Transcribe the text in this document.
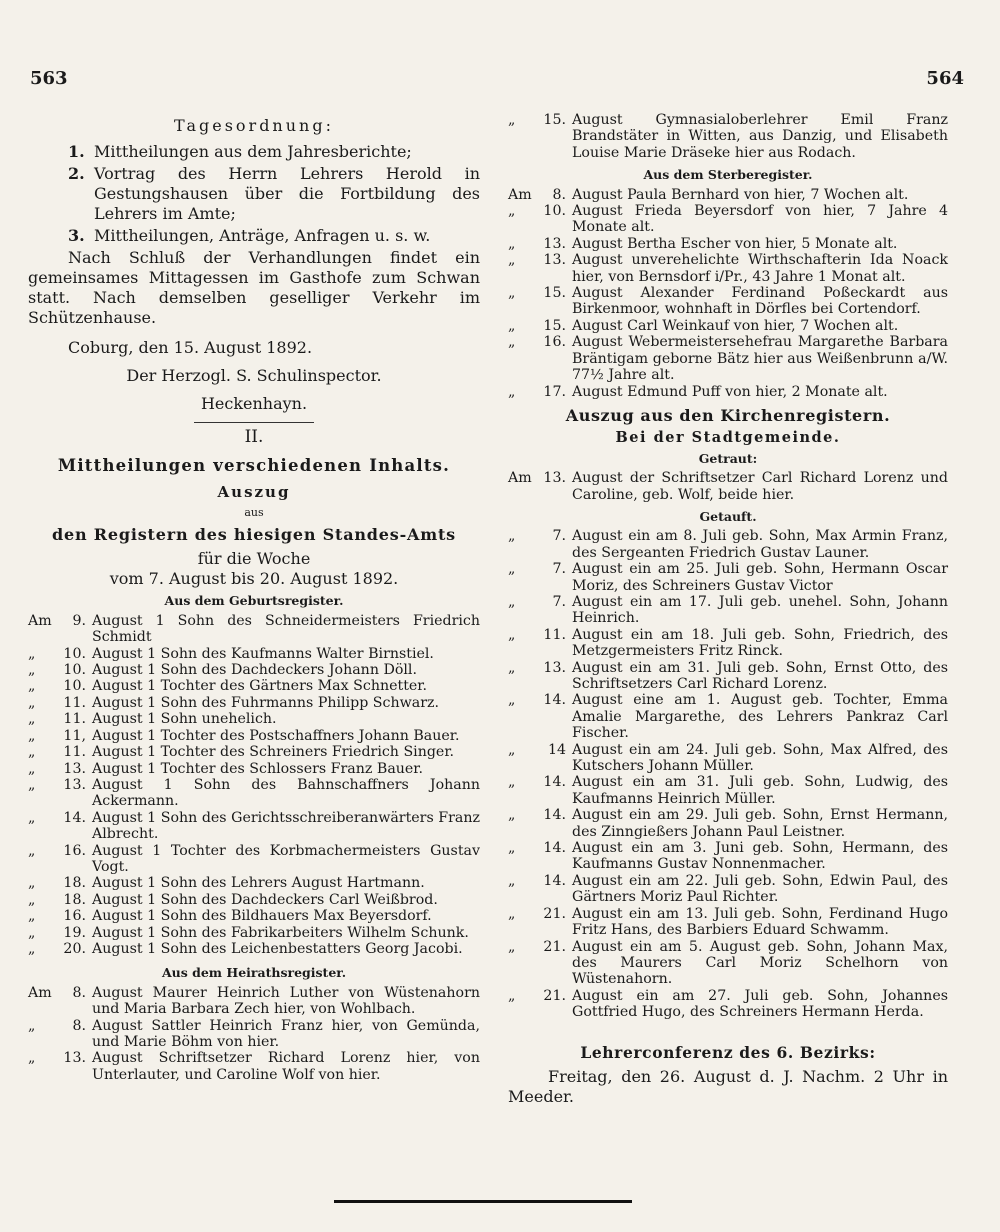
563	564
Tagesordnung:
1. Mittheilungen aus dem Jahresberichte;
2. Vortrag des Herrn Lehrers Herold in Gestungshausen über die Fortbildung des Lehrers im Amte;
3. Mittheilungen, Anträge, Anfragen u. s. w.

Nach Schluß der Verhandlungen findet ein gemeinsames Mittagessen im Gasthofe zum Schwan statt. Nach demselben geselliger Verkehr im Schützenhause.

Coburg, den 15. August 1892.
Der Herzogl. S. Schulinspector.
Heckenhayn.
II.
Mittheilungen verschiedenen Inhalts.
Auszug
aus
den Registern des hiesigen Standes-Amts
für die Woche
vom 7. August bis 20. August 1892.
Aus dem Geburtsregister.
Am	9. August 1 Sohn des Schneidermeisters Friedrich Schmidt
„	10. August 1 Sohn des Kaufmanns Walter Birnstiel.
„	10. August 1 Sohn des Dachdeckers Johann Döll.
„	10. August 1 Tochter des Gärtners Max Schnetter.
„	11. August 1 Sohn des Fuhrmanns Philipp Schwarz.
„	11. August 1 Sohn unehelich.
„	11, August 1 Tochter des Postschaffners Johann Bauer.
„	11. August 1 Tochter des Schreiners Friedrich Singer.
„	13. August 1 Tochter des Schlossers Franz Bauer.
„	13. August 1 Sohn des Bahnschaffners Johann Ackermann.
„	14. August 1 Sohn des Gerichtsschreiberanwärters Franz Albrecht.
„	16. August 1 Tochter des Korbmachermeisters Gustav Vogt.
„	18. August 1 Sohn des Lehrers August Hartmann.
„	18. August 1 Sohn des Dachdeckers Carl Weißbrod.
„	16. August 1 Sohn des Bildhauers Max Beyersdorf.
„	19. August 1 Sohn des Fabrikarbeiters Wilhelm Schunk.
„	20. August 1 Sohn des Leichenbestatters Georg Jacobi.
Aus dem Heirathsregister.
Am	8. August Maurer Heinrich Luther von Wüstenahorn und Maria Barbara Zech hier, von Wohlbach.
„	8. August Sattler Heinrich Franz hier, von Gemünda, und Marie Böhm von hier.
„	13. August Schriftsetzer Richard Lorenz hier, von Unterlauter, und Caroline Wolf von hier.
„	15. August Gymnasialoberlehrer Emil Franz Brandstäter in Witten, aus Danzig, und Elisabeth Louise Marie Dräseke hier aus Rodach.
Aus dem Sterberegister.
Am	8. August Paula Bernhard von hier, 7 Wochen alt.
„	10. August Frieda Beyersdorf von hier, 7 Jahre 4 Monate alt.
„	13. August Bertha Escher von hier, 5 Monate alt.
„	13. August unverehelichte Wirthschafterin Ida Noack hier, von Bernsdorf i/Pr., 43 Jahre 1 Monat alt.
„	15. August Alexander Ferdinand Poßeckardt aus Birkenmoor, wohnhaft in Dörfles bei Cortendorf.
„	15. August Carl Weinkauf von hier, 7 Wochen alt.
„	16. August Webermeistersehefrau Margarethe Barbara Bräntigam geborne Bätz hier aus Weißenbrunn a/W. 77½ Jahre alt.
„	17. August Edmund Puff von hier, 2 Monate alt.
Auszug aus den Kirchenregistern.
Bei der Stadtgemeinde.
Getraut:
Am 13. August der Schriftsetzer Carl Richard Lorenz und Caroline, geb. Wolf, beide hier.
Getauft.
„	7. August ein am 8. Juli geb. Sohn, Max Armin Franz, des Sergeanten Friedrich Gustav Launer.
„	7. August ein am 25. Juli geb. Sohn, Hermann Oscar Moriz, des Schreiners Gustav Victor
„	7. August ein am 17. Juli geb. unehel. Sohn, Johann Heinrich.
„	11. August ein am 18. Juli geb. Sohn, Friedrich, des Metzgermeisters Fritz Rinck.
„	13. August ein am 31. Juli geb. Sohn, Ernst Otto, des Schriftsetzers Carl Richard Lorenz.
„	14. August eine am 1. August geb. Tochter, Emma Amalie Margarethe, des Lehrers Pankraz Carl Fischer.
„	14 August ein am 24. Juli geb. Sohn, Max Alfred, des Kutschers Johann Müller.
„	14. August ein am 31. Juli geb. Sohn, Ludwig, des Kaufmanns Heinrich Müller.
„	14. August ein am 29. Juli geb. Sohn, Ernst Hermann, des Zinngießers Johann Paul Leistner.
„	14. August ein am 3. Juni geb. Sohn, Hermann, des Kaufmanns Gustav Nonnenmacher.
„	14. August ein am 22. Juli geb. Sohn, Edwin Paul, des Gärtners Moriz Paul Richter.
„	21. August ein am 13. Juli geb. Sohn, Ferdinand Hugo Fritz Hans, des Barbiers Eduard Schwamm.
„	21. August ein am 5. August geb. Sohn, Johann Max, des Maurers Carl Moriz Schelhorn von Wüstenahorn.
„	21. August ein am 27. Juli geb. Sohn, Johannes Gottfried Hugo, des Schreiners Hermann Herda.
Lehrerconferenz des 6. Bezirks:
Freitag, den 26. August d. J. Nachm. 2 Uhr in Meeder.
